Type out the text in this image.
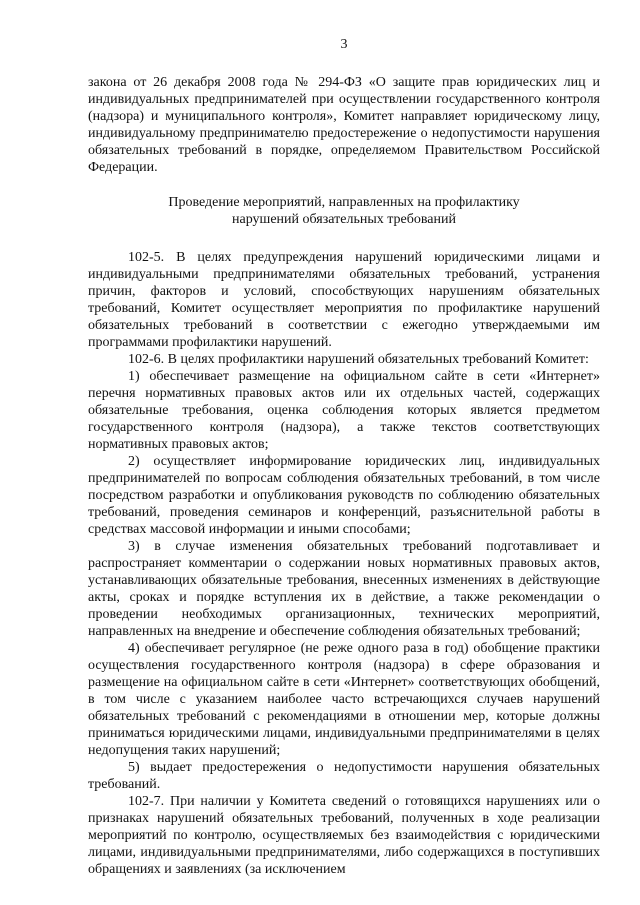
3

закона от 26 декабря 2008 года № 294-ФЗ «О защите прав юридических лиц и индивидуальных предпринимателей при осуществлении государственного контроля (надзора) и муниципального контроля», Комитет направляет юридическому лицу, индивидуальному предпринимателю предостережение о недопустимости нарушения обязательных требований в порядке, определяемом Правительством Российской Федерации.

Проведение мероприятий, направленных на профилактику
нарушений обязательных требований

102-5. В целях предупреждения нарушений юридическими лицами и индивидуальными предпринимателями обязательных требований, устранения причин, факторов и условий, способствующих нарушениям обязательных требований, Комитет осуществляет мероприятия по профилактике нарушений обязательных требований в соответствии с ежегодно утверждаемыми им программами профилактики нарушений.

102-6. В целях профилактики нарушений обязательных требований Комитет:

1) обеспечивает размещение на официальном сайте в сети «Интернет» перечня нормативных правовых актов или их отдельных частей, содержащих обязательные требования, оценка соблюдения которых является предметом государственного контроля (надзора), а также текстов соответствующих нормативных правовых актов;

2) осуществляет информирование юридических лиц, индивидуальных предпринимателей по вопросам соблюдения обязательных требований, в том числе посредством разработки и опубликования руководств по соблюдению обязательных требований, проведения семинаров и конференций, разъяснительной работы в средствах массовой информации и иными способами;

3) в случае изменения обязательных требований подготавливает и распространяет комментарии о содержании новых нормативных правовых актов, устанавливающих обязательные требования, внесенных изменениях в действующие акты, сроках и порядке вступления их в действие, а также рекомендации о проведении необходимых организационных, технических мероприятий, направленных на внедрение и обеспечение соблюдения обязательных требований;

4) обеспечивает регулярное (не реже одного раза в год) обобщение практики осуществления государственного контроля (надзора) в сфере образования и размещение на официальном сайте в сети «Интернет» соответствующих обобщений, в том числе с указанием наиболее часто встречающихся случаев нарушений обязательных требований с рекомендациями в отношении мер, которые должны приниматься юридическими лицами, индивидуальными предпринимателями в целях недопущения таких нарушений;

5) выдает предостережения о недопустимости нарушения обязательных требований.

102-7. При наличии у Комитета сведений о готовящихся нарушениях или о признаках нарушений обязательных требований, полученных в ходе реализации мероприятий по контролю, осуществляемых без взаимодействия с юридическими лицами, индивидуальными предпринимателями, либо содержащихся в поступивших обращениях и заявлениях (за исключением
